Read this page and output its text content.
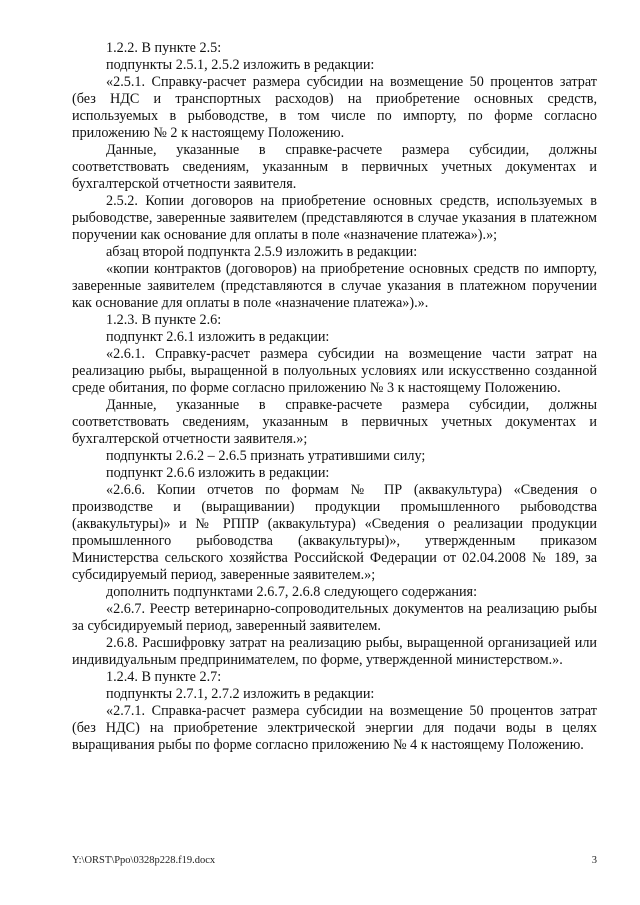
1.2.2. В пункте 2.5:

подпункты 2.5.1, 2.5.2 изложить в редакции:

«2.5.1. Справку-расчет размера субсидии на возмещение 50 процентов затрат (без НДС и транспортных расходов) на приобретение основных средств, используемых в рыбоводстве, в том числе по импорту, по форме согласно приложению № 2 к настоящему Положению.

Данные, указанные в справке-расчете размера субсидии, должны соответствовать сведениям, указанным в первичных учетных документах и бухгалтерской отчетности заявителя.

2.5.2. Копии договоров на приобретение основных средств, используемых в рыбоводстве, заверенные заявителем (представляются в случае указания в платежном поручении как основание для оплаты в поле «назначение платежа»).»;

абзац второй подпункта 2.5.9 изложить в редакции:

«копии контрактов (договоров) на приобретение основных средств по импорту, заверенные заявителем (представляются в случае указания в платежном поручении как основание для оплаты в поле «назначение платежа»).».

1.2.3. В пункте 2.6:

подпункт 2.6.1 изложить в редакции:

«2.6.1. Справку-расчет размера субсидии на возмещение части затрат на реализацию рыбы, выращенной в полуольных условиях или искусственно созданной среде обитания, по форме согласно приложению № 3 к настоящему Положению.

Данные, указанные в справке-расчете размера субсидии, должны соответствовать сведениям, указанным в первичных учетных документах и бухгалтерской отчетности заявителя.»;

подпункты 2.6.2 – 2.6.5 признать утратившими силу;

подпункт 2.6.6 изложить в редакции:

«2.6.6. Копии отчетов по формам № ПР (аквакультура) «Сведения о производстве и (выращивании) продукции промышленного рыбоводства (аквакультуры)» и № РППР (аквакультура) «Сведения о реализации продукции промышленного рыбоводства (аквакультуры)», утвержденным приказом Министерства сельского хозяйства Российской Федерации от 02.04.2008 № 189, за субсидируемый период, заверенные заявителем.»;

дополнить подпунктами 2.6.7, 2.6.8 следующего содержания:

«2.6.7. Реестр ветеринарно-сопроводительных документов на реализацию рыбы за субсидируемый период, заверенный заявителем.

2.6.8. Расшифровку затрат на реализацию рыбы, выращенной организацией или индивидуальным предпринимателем, по форме, утвержденной министерством.».

1.2.4. В пункте 2.7:

подпункты 2.7.1, 2.7.2 изложить в редакции:

«2.7.1. Справка-расчет размера субсидии на возмещение 50 процентов затрат (без НДС) на приобретение электрической энергии для подачи воды в целях выращивания рыбы по форме согласно приложению № 4 к настоящему Положению.

Y:\ORST\Ppo\0328p228.f19.docx	3
